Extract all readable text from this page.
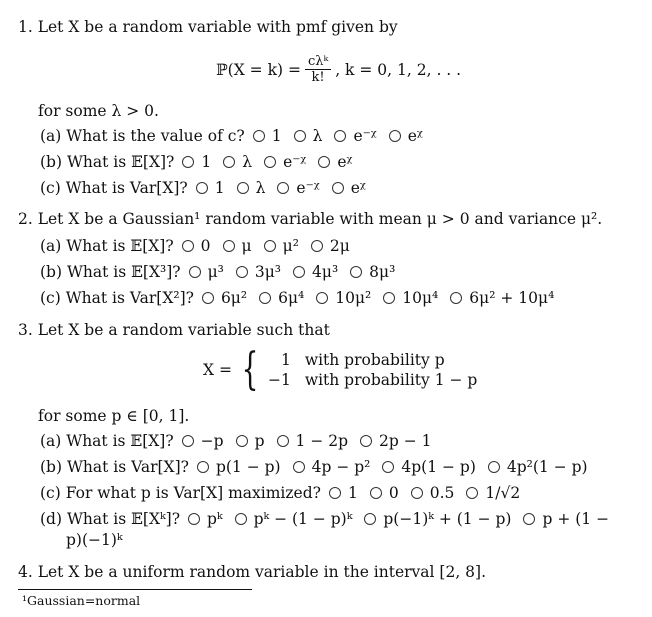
1. Let X be a random variable with pmf given by
ℙ(X = $k) = \frac{\text{cλᵏ}}{k!}$ , k = 0, 1, 2, . . .
for some λ > 0.
(a) What is the value of c? 1 λ e⁻ᵡ eᵡ
(b) What is 𝔼[X]? 1 λ e⁻ᵡ eᵡ
(c) What is Var[X]? 1 λ e⁻ᵡ eᵡ
2. Let X be a Gaussian¹ random variable with mean μ > 0 and variance μ².
(a) What is 𝔼[X]? 0 μ μ² 2μ
(b) What is 𝔼[X³]? μ³ 3μ³ 4μ³ 8μ³
(c) What is Var[X²]? 6μ² 6μ⁴ 10μ² 10μ⁴ 6μ² + 10μ⁴
3. Let X be a random variable such that
X = {	1
−1
with probability p
with probability 1 − p
for some p ∈ [0, 1].
(a) What is 𝔼[X]? −p p 1 − 2p 2p − 1
(b) What is Var[X]? p(1 − p) 4p − p² 4p(1 − p) 4p²(1 − p)
(c) For what p is Var[X] maximized? 1 0 0.5 1/√2
(d) What is 𝔼[Xᵏ]? pᵏ pᵏ − (1 − p)ᵏ p(−1)ᵏ + (1 − p) p + (1 −
p)(−1)ᵏ
4. Let X be a uniform random variable in the interval [2, 8].
¹Gaussian=normal
